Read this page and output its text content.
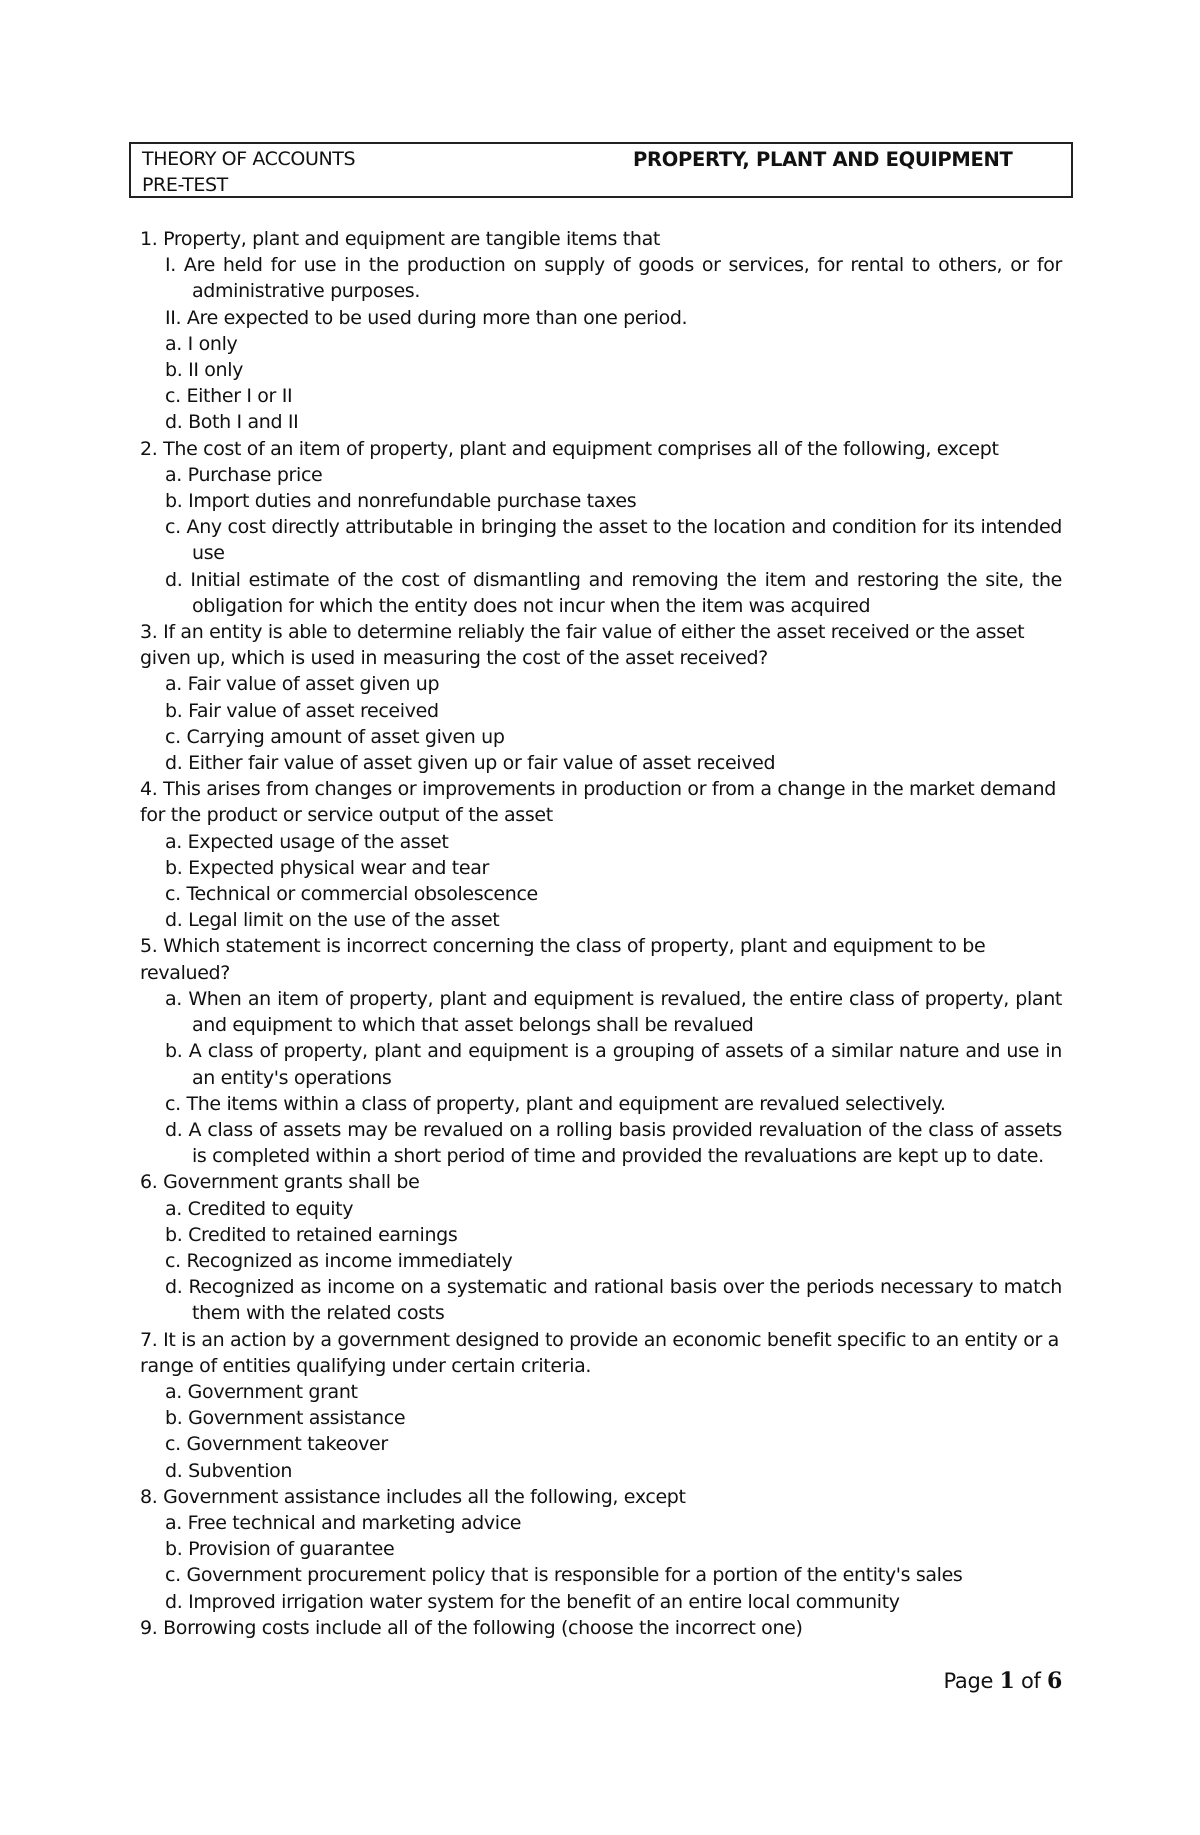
THEORY OF ACCOUNTS
PRE-TEST
PROPERTY, PLANT AND EQUIPMENT
1. Property, plant and equipment are tangible items that
I. Are held for use in the production on supply of goods or services, for rental to others, or for administrative purposes.
II. Are expected to be used during more than one period.
a. I only
b. II only
c. Either I or II
d. Both I and II
2. The cost of an item of property, plant and equipment comprises all of the following, except
a. Purchase price
b. Import duties and nonrefundable purchase taxes
c. Any cost directly attributable in bringing the asset to the location and condition for its intended use
d. Initial estimate of the cost of dismantling and removing the item and restoring the site, the obligation for which the entity does not incur when the item was acquired
3. If an entity is able to determine reliably the fair value of either the asset received or the asset given up, which is used in measuring the cost of the asset received?
a. Fair value of asset given up
b. Fair value of asset received
c. Carrying amount of asset given up
d. Either fair value of asset given up or fair value of asset received
4. This arises from changes or improvements in production or from a change in the market demand for the product or service output of the asset
a. Expected usage of the asset
b. Expected physical wear and tear
c. Technical or commercial obsolescence
d. Legal limit on the use of the asset
5. Which statement is incorrect concerning the class of property, plant and equipment to be revalued?
a. When an item of property, plant and equipment is revalued, the entire class of property, plant and equipment to which that asset belongs shall be revalued
b. A class of property, plant and equipment is a grouping of assets of a similar nature and use in an entity's operations
c. The items within a class of property, plant and equipment are revalued selectively.
d. A class of assets may be revalued on a rolling basis provided revaluation of the class of assets is completed within a short period of time and provided the revaluations are kept up to date.
6. Government grants shall be
a. Credited to equity
b. Credited to retained earnings
c. Recognized as income immediately
d. Recognized as income on a systematic and rational basis over the periods necessary to match them with the related costs
7. It is an action by a government designed to provide an economic benefit specific to an entity or a range of entities qualifying under certain criteria.
a. Government grant
b. Government assistance
c. Government takeover
d. Subvention
8. Government assistance includes all the following, except
a. Free technical and marketing advice
b. Provision of guarantee
c. Government procurement policy that is responsible for a portion of the entity's sales
d. Improved irrigation water system for the benefit of an entire local community
9. Borrowing costs include all of the following (choose the incorrect one)
Page 1 of 6
